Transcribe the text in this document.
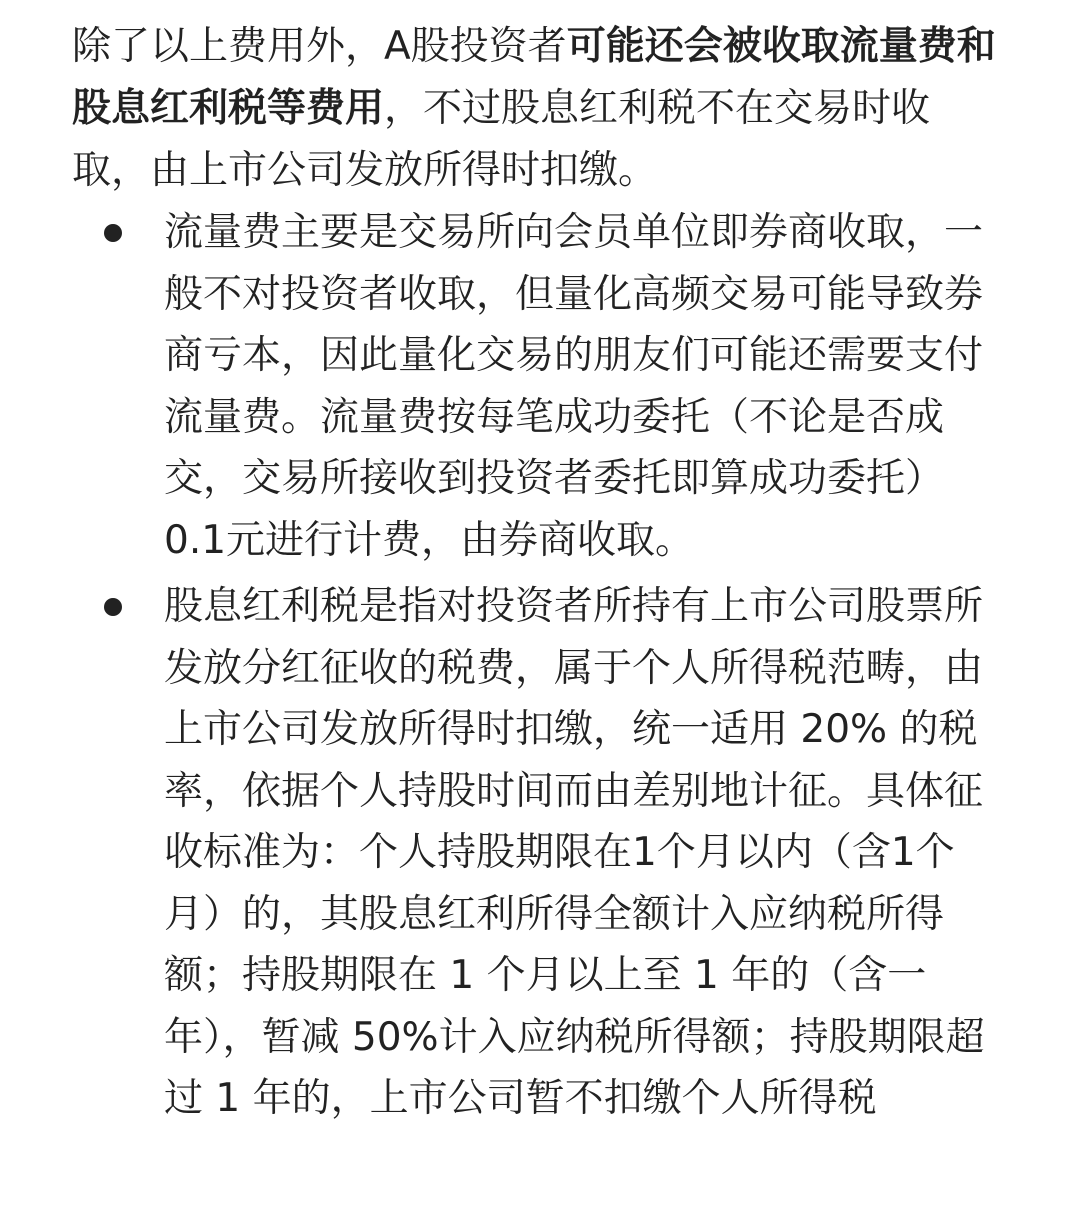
除了以上费用外，A股投资者可能还会被收取流量费和股息红利税等费用，不过股息红利税不在交易时收取，由上市公司发放所得时扣缴。

流量费主要是交易所向会员单位即券商收取，一般不对投资者收取，但量化高频交易可能导致券商亏本，因此量化交易的朋友们可能还需要支付流量费。流量费按每笔成功委托（不论是否成交，交易所接收到投资者委托即算成功委托）0.1元进行计费，由券商收取。
股息红利税是指对投资者所持有上市公司股票所发放分红征收的税费，属于个人所得税范畴，由上市公司发放所得时扣缴，统一适用 20% 的税率，依据个人持股时间而由差别地计征。具体征收标准为：个人持股期限在1个月以内（含1个月）的，其股息红利所得全额计入应纳税所得额；持股期限在 1 个月以上至 1 年的（含一年），暂减 50%计入应纳税所得额；持股期限超过 1 年的，上市公司暂不扣缴个人所得税
